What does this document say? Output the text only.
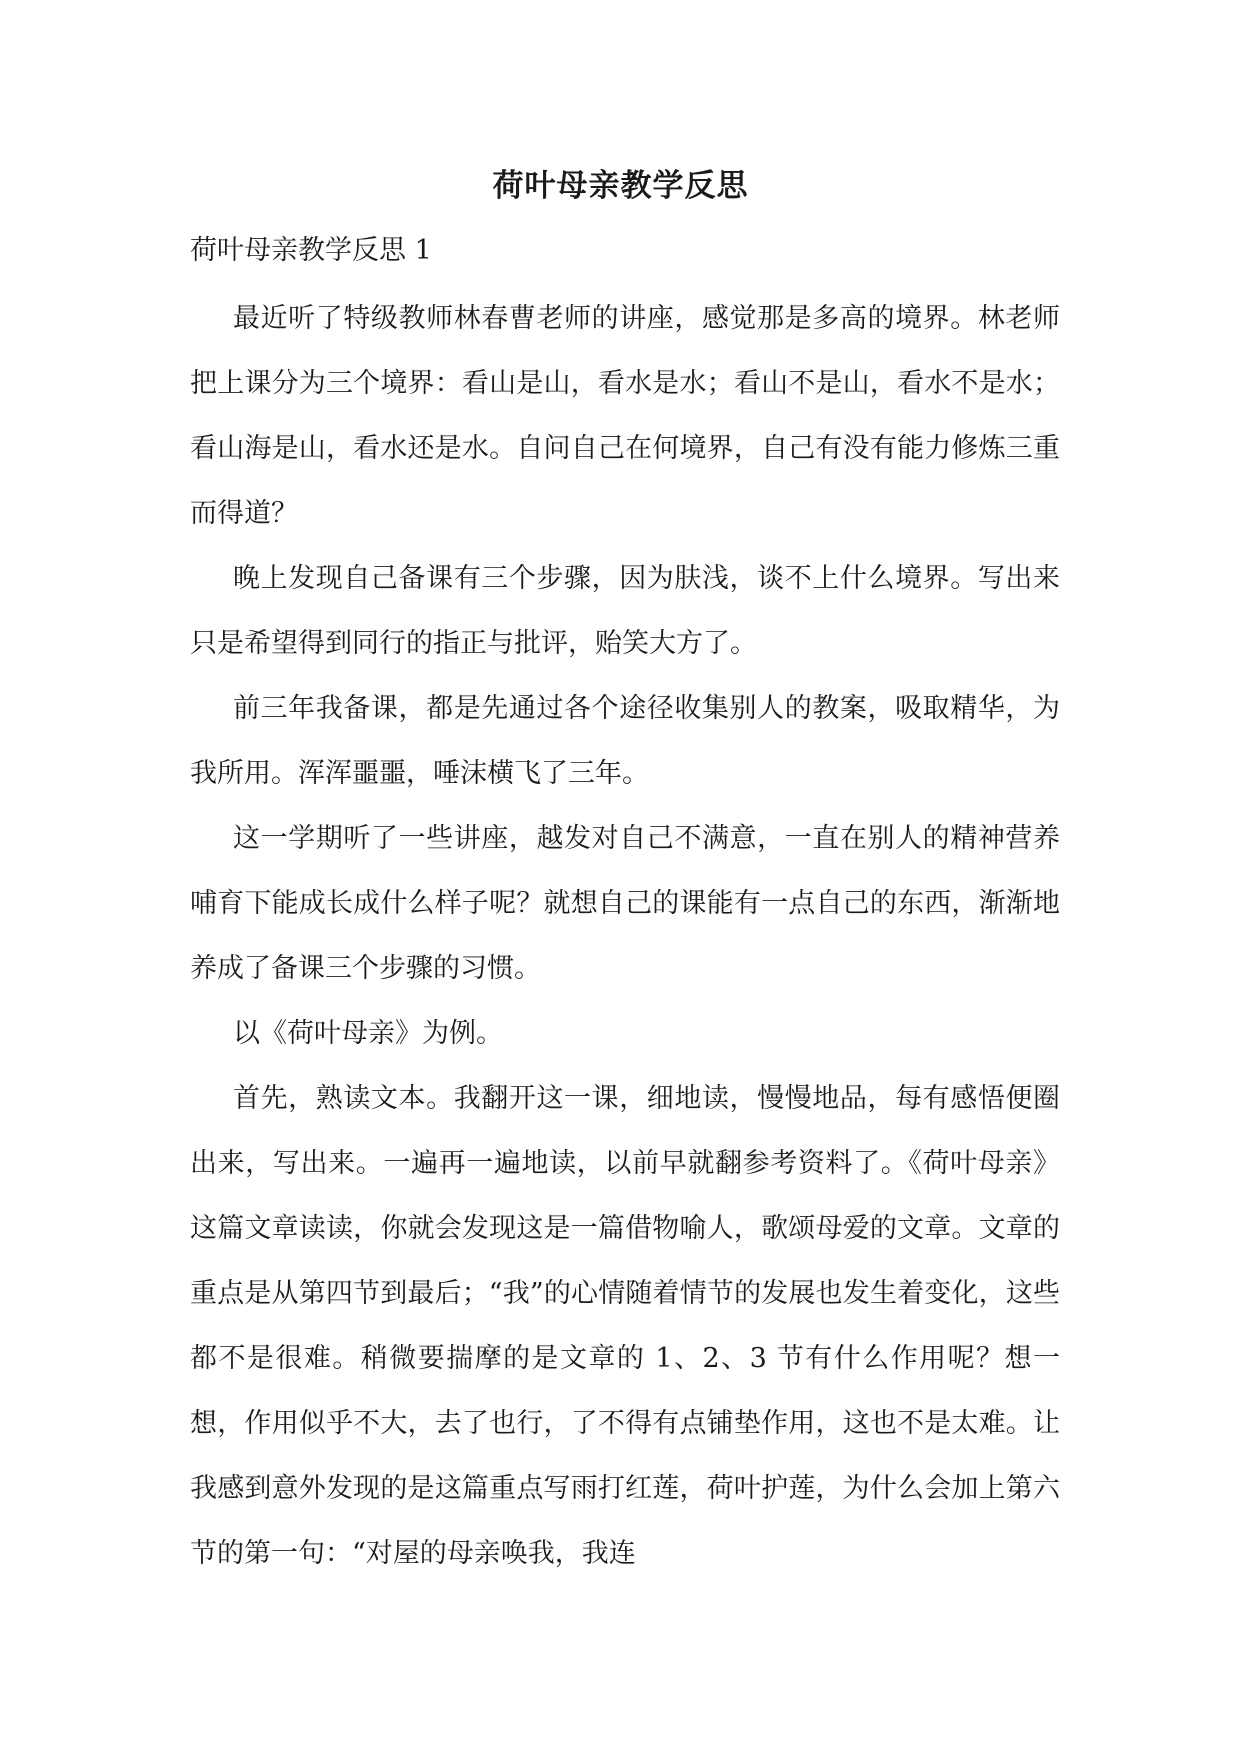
荷叶母亲教学反思
荷叶母亲教学反思 1

最近听了特级教师林春曹老师的讲座，感觉那是多高的境界。林老师把上课分为三个境界：看山是山，看水是水；看山不是山，看水不是水；看山海是山，看水还是水。自问自己在何境界，自己有没有能力修炼三重而得道？

晚上发现自己备课有三个步骤，因为肤浅，谈不上什么境界。写出来只是希望得到同行的指正与批评，贻笑大方了。

前三年我备课，都是先通过各个途径收集别人的教案，吸取精华，为我所用。浑浑噩噩，唾沫横飞了三年。

这一学期听了一些讲座，越发对自己不满意，一直在别人的精神营养哺育下能成长成什么样子呢？就想自己的课能有一点自己的东西，渐渐地养成了备课三个步骤的习惯。

以《荷叶母亲》为例。

首先，熟读文本。我翻开这一课，细地读，慢慢地品，每有感悟便圈出来，写出来。一遍再一遍地读，以前早就翻参考资料了。《荷叶母亲》这篇文章读读，你就会发现这是一篇借物喻人，歌颂母爱的文章。文章的重点是从第四节到最后；“我”的心情随着情节的发展也发生着变化，这些都不是很难。稍微要揣摩的是文章的 1、2、3 节有什么作用呢？想一想，作用似乎不大，去了也行，了不得有点铺垫作用，这也不是太难。让我感到意外发现的是这篇重点写雨打红莲，荷叶护莲，为什么会加上第六节的第一句：“对屋的母亲唤我，我连
